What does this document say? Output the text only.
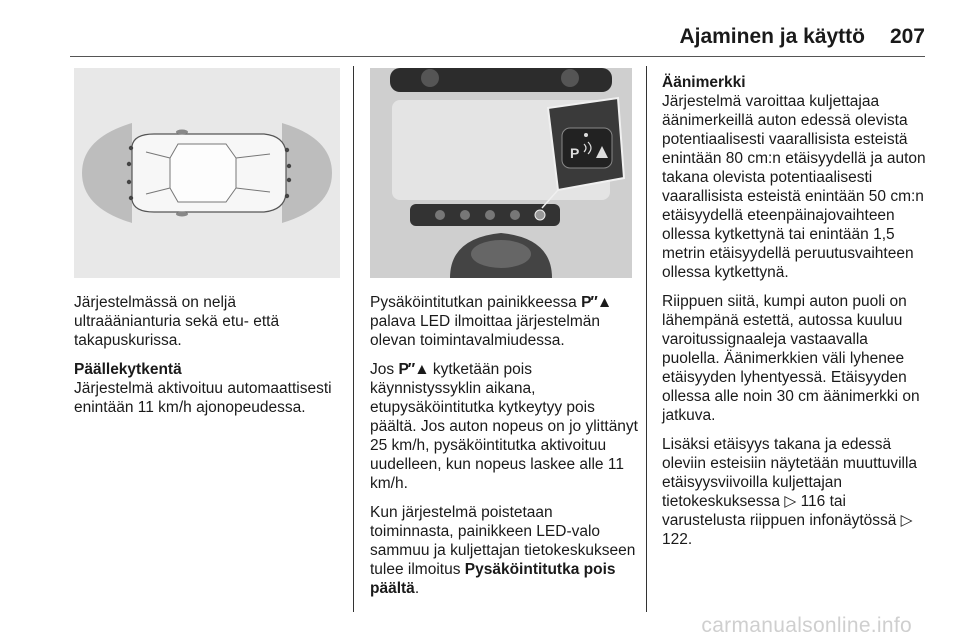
Ajaminen ja käyttö 207
P

Järjestelmässä on neljä ultraäänianturia sekä etu- että takapuskurissa.

Päällekytkentä

Järjestelmä aktivoituu automaattisesti enintään 11 km/h ajonopeudessa.

Pysäköintitutkan painikkeessa P″▲ palava LED ilmoittaa järjestelmän olevan toimintavalmiudessa.

Jos P″▲ kytketään pois käynnistyssyklin aikana, etupysäköintitutka kytkeytyy pois päältä. Jos auton nopeus on jo ylittänyt 25 km/h, pysäköintitutka aktivoituu uudelleen, kun nopeus laskee alle 11 km/h.

Kun järjestelmä poistetaan toiminnasta, painikkeen LED-valo sammuu ja kuljettajan tietokeskukseen tulee ilmoitus Pysäköintitutka pois päältä.

Äänimerkki

Järjestelmä varoittaa kuljettajaa äänimerkeillä auton edessä olevista potentiaalisesti vaarallisista esteistä enintään 80 cm:n etäisyydellä ja auton takana olevista potentiaalisesti vaarallisista esteistä enintään 50 cm:n etäisyydellä eteenpäinajovaihteen ollessa kytkettynä tai enintään 1,5 metrin etäisyydellä peruutusvaihteen ollessa kytkettynä.

Riippuen siitä, kumpi auton puoli on lähempänä estettä, autossa kuuluu varoitussignaaleja vastaavalla puolella. Äänimerkkien väli lyhenee etäisyyden lyhentyessä. Etäisyyden ollessa alle noin 30 cm äänimerkki on jatkuva.

Lisäksi etäisyys takana ja edessä oleviin esteisiin näytetään muuttuvilla etäisyysviivoilla kuljettajan tietokeskuksessa ▷ 116 tai varustelusta riippuen infonäytössä ▷ 122.

carmanualsonline.info
